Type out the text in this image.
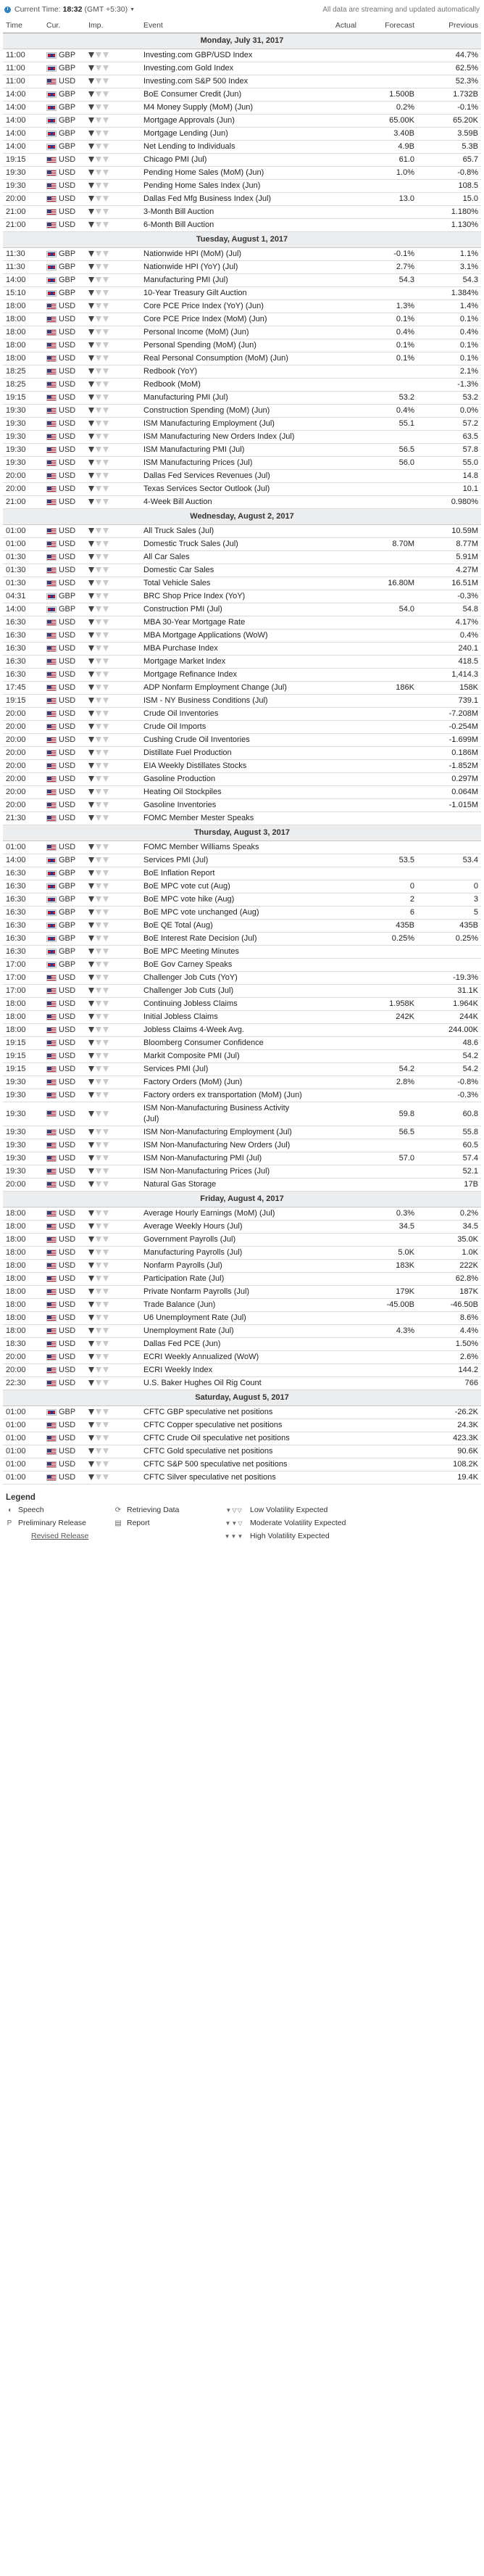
Current Time: 18:32 (GMT +5:30) ▼	All data are streaming and updated automatically
Time	Cur.	Imp.	Event	Actual	Forecast	Previous
Monday, July 31, 2017						
11:00	GBP		Investing.com GBP/USD Index			44.7%
11:00	GBP		Investing.com Gold Index			62.5%
11:00	USD		Investing.com S&P 500 Index			52.3%
14:00	GBP		BoE Consumer Credit (Jun)		1.500B	1.732B
14:00	GBP		M4 Money Supply (MoM) (Jun)		0.2%	-0.1%
14:00	GBP		Mortgage Approvals (Jun)		65.00K	65.20K
14:00	GBP		Mortgage Lending (Jun)		3.40B	3.59B
14:00	GBP		Net Lending to Individuals		4.9B	5.3B
19:15	USD		Chicago PMI (Jul)		61.0	65.7
19:30	USD		Pending Home Sales (MoM) (Jun)		1.0%	-0.8%
19:30	USD		Pending Home Sales Index (Jun)			108.5
20:00	USD		Dallas Fed Mfg Business Index (Jul)		13.0	15.0
21:00	USD		3-Month Bill Auction			1.180%
21:00	USD		6-Month Bill Auction			1.130%
Tuesday, August 1, 2017						
11:30	GBP		Nationwide HPI (MoM) (Jul)		-0.1%	1.1%
11:30	GBP		Nationwide HPI (YoY) (Jul)		2.7%	3.1%
14:00	GBP		Manufacturing PMI (Jul)		54.3	54.3
15:10	GBP		10-Year Treasury Gilt Auction			1.384%
18:00	USD		Core PCE Price Index (YoY) (Jun)		1.3%	1.4%
18:00	USD		Core PCE Price Index (MoM) (Jun)		0.1%	0.1%
18:00	USD		Personal Income (MoM) (Jun)		0.4%	0.4%
18:00	USD		Personal Spending (MoM) (Jun)		0.1%	0.1%
18:00	USD		Real Personal Consumption (MoM) (Jun)		0.1%	0.1%
18:25	USD		Redbook (YoY)			2.1%
18:25	USD		Redbook (MoM)			-1.3%
19:15	USD		Manufacturing PMI (Jul)		53.2	53.2
19:30	USD		Construction Spending (MoM) (Jun)		0.4%	0.0%
19:30	USD		ISM Manufacturing Employment (Jul)		55.1	57.2
19:30	USD		ISM Manufacturing New Orders Index (Jul)			63.5
19:30	USD		ISM Manufacturing PMI (Jul)		56.5	57.8
19:30	USD		ISM Manufacturing Prices (Jul)		56.0	55.0
20:00	USD		Dallas Fed Services Revenues (Jul)			14.8
20:00	USD		Texas Services Sector Outlook (Jul)			10.1
21:00	USD		4-Week Bill Auction			0.980%
Wednesday, August 2, 2017						
01:00	USD		All Truck Sales (Jul)			10.59M
01:00	USD		Domestic Truck Sales (Jul)		8.70M	8.77M
01:30	USD		All Car Sales			5.91M
01:30	USD		Domestic Car Sales			4.27M
01:30	USD		Total Vehicle Sales		16.80M	16.51M
04:31	GBP		BRC Shop Price Index (YoY)			-0.3%
14:00	GBP		Construction PMI (Jul)		54.0	54.8
16:30	USD		MBA 30-Year Mortgage Rate			4.17%
16:30	USD		MBA Mortgage Applications (WoW)			0.4%
16:30	USD		MBA Purchase Index			240.1
16:30	USD		Mortgage Market Index			418.5
16:30	USD		Mortgage Refinance Index			1,414.3
17:45	USD		ADP Nonfarm Employment Change (Jul)		186K	158K
19:15	USD		ISM - NY Business Conditions (Jul)			739.1
20:00	USD		Crude Oil Inventories			-7.208M
20:00	USD		Crude Oil Imports			-0.254M
20:00	USD		Cushing Crude Oil Inventories			-1.699M
20:00	USD		Distillate Fuel Production			0.186M
20:00	USD		EIA Weekly Distillates Stocks			-1.852M
20:00	USD		Gasoline Production			0.297M
20:00	USD		Heating Oil Stockpiles			0.064M
20:00	USD		Gasoline Inventories			-1.015M
21:30	USD		FOMC Member Mester Speaks			
Thursday, August 3, 2017						
01:00	USD		FOMC Member Williams Speaks			
14:00	GBP		Services PMI (Jul)		53.5	53.4
16:30	GBP		BoE Inflation Report			
16:30	GBP		BoE MPC vote cut (Aug)		0	0
16:30	GBP		BoE MPC vote hike (Aug)		2	3
16:30	GBP		BoE MPC vote unchanged (Aug)		6	5
16:30	GBP		BoE QE Total (Aug)		435B	435B
16:30	GBP		BoE Interest Rate Decision (Jul)		0.25%	0.25%
16:30	GBP		BoE MPC Meeting Minutes			
17:00	GBP		BoE Gov Carney Speaks			
17:00	USD		Challenger Job Cuts (YoY)			-19.3%
17:00	USD		Challenger Job Cuts (Jul)			31.1K
18:00	USD		Continuing Jobless Claims		1.958K	1.964K
18:00	USD		Initial Jobless Claims		242K	244K
18:00	USD		Jobless Claims 4-Week Avg.			244.00K
19:15	USD		Bloomberg Consumer Confidence			48.6
19:15	USD		Markit Composite PMI (Jul)			54.2
19:15	USD		Services PMI (Jul)		54.2	54.2
19:30	USD		Factory Orders (MoM) (Jun)		2.8%	-0.8%
19:30	USD		Factory orders ex transportation (MoM) (Jun)			-0.3%
19:30	USD		ISM Non-Manufacturing Business Activity (Jul)		59.8	60.8
19:30	USD		ISM Non-Manufacturing Employment (Jul)		56.5	55.8
19:30	USD		ISM Non-Manufacturing New Orders (Jul)			60.5
19:30	USD		ISM Non-Manufacturing PMI (Jul)		57.0	57.4
19:30	USD		ISM Non-Manufacturing Prices (Jul)			52.1
20:00	USD		Natural Gas Storage			17B
Friday, August 4, 2017						
18:00	USD		Average Hourly Earnings (MoM) (Jul)		0.3%	0.2%
18:00	USD		Average Weekly Hours (Jul)		34.5	34.5
18:00	USD		Government Payrolls (Jul)			35.0K
18:00	USD		Manufacturing Payrolls (Jul)		5.0K	1.0K
18:00	USD		Nonfarm Payrolls (Jul)		183K	222K
18:00	USD		Participation Rate (Jul)			62.8%
18:00	USD		Private Nonfarm Payrolls (Jul)		179K	187K
18:00	USD		Trade Balance (Jun)		-45.00B	-46.50B
18:00	USD		U6 Unemployment Rate (Jul)			8.6%
18:00	USD		Unemployment Rate (Jul)		4.3%	4.4%
18:30	USD		Dallas Fed PCE (Jun)			1.50%
20:00	USD		ECRI Weekly Annualized (WoW)			2.6%
20:00	USD		ECRI Weekly Index			144.2
22:30	USD		U.S. Baker Hughes Oil Rig Count			766
Saturday, August 5, 2017						
01:00	GBP		CFTC GBP speculative net positions			-26.2K
01:00	USD		CFTC Copper speculative net positions			24.3K
01:00	USD		CFTC Crude Oil speculative net positions			423.3K
01:00	USD		CFTC Gold speculative net positions			90.6K
01:00	USD		CFTC S&P 500 speculative net positions			108.2K
01:00	USD		CFTC Silver speculative net positions			19.4K
Legend
◖ Speech	⟳ Retrieving Data	▼▽▽ Low Volatility Expected
P Preliminary Release	▤ Report	▼▼▽ Moderate Volatility Expected
Revised Release	▼▼▼ High Volatility Expected
